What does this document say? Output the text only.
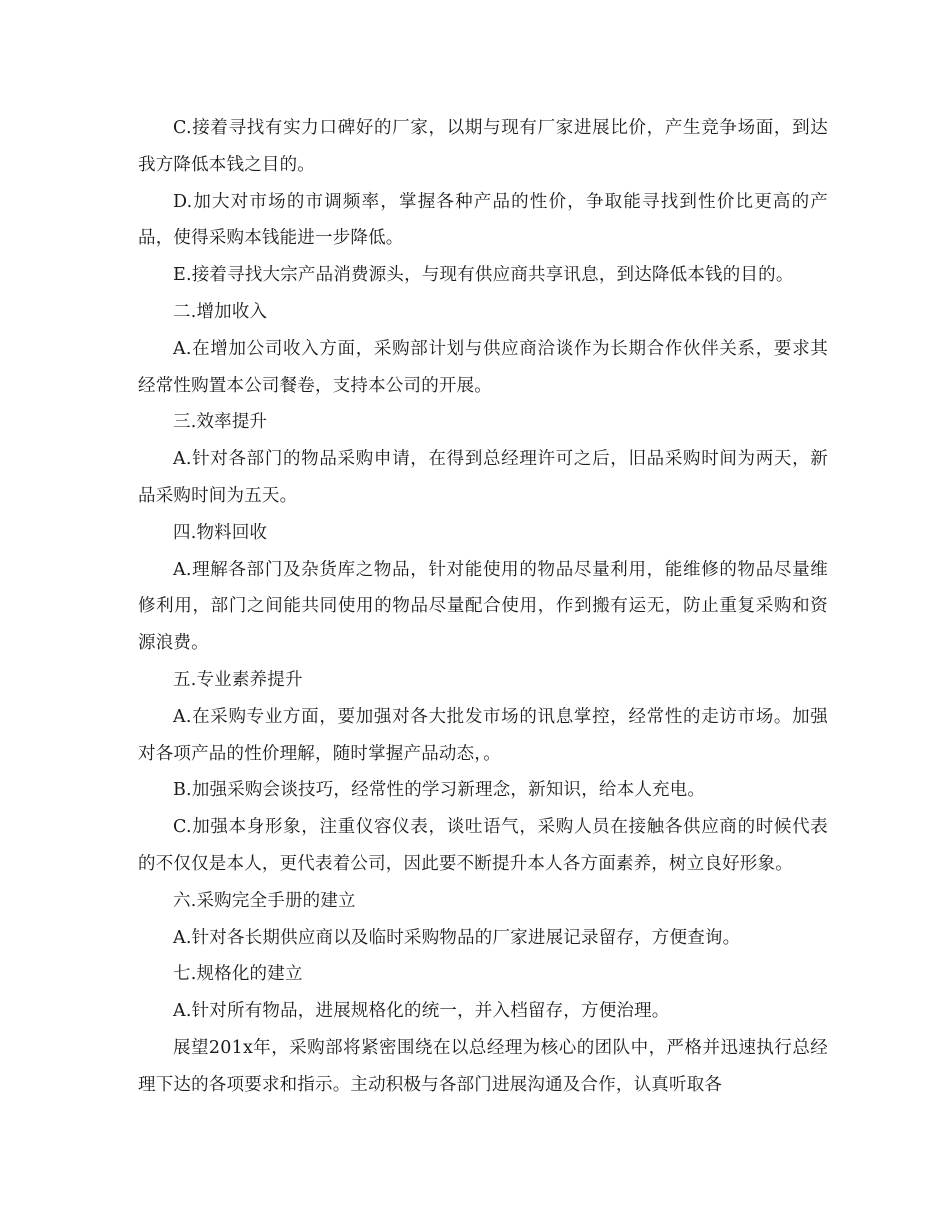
C.接着寻找有实力口碑好的厂家，以期与现有厂家进展比价，产生竞争场面，到达我方降低本钱之目的。

D.加大对市场的市调频率，掌握各种产品的性价，争取能寻找到性价比更高的产品，使得采购本钱能进一步降低。

E.接着寻找大宗产品消费源头，与现有供应商共享讯息，到达降低本钱的目的。

二.增加收入

A.在增加公司收入方面，采购部计划与供应商洽谈作为长期合作伙伴关系，要求其经常性购置本公司餐卷，支持本公司的开展。

三.效率提升

A.针对各部门的物品采购申请，在得到总经理许可之后，旧品采购时间为两天，新品采购时间为五天。

四.物料回收

A.理解各部门及杂货库之物品，针对能使用的物品尽量利用，能维修的物品尽量维修利用，部门之间能共同使用的物品尽量配合使用，作到搬有运无，防止重复采购和资源浪费。

五.专业素养提升

A.在采购专业方面，要加强对各大批发市场的讯息掌控，经常性的走访市场。加强对各项产品的性价理解，随时掌握产品动态，。

B.加强采购会谈技巧，经常性的学习新理念，新知识，给本人充电。

C.加强本身形象，注重仪容仪表，谈吐语气，采购人员在接触各供应商的时候代表的不仅仅是本人，更代表着公司，因此要不断提升本人各方面素养，树立良好形象。

六.采购完全手册的建立

A.针对各长期供应商以及临时采购物品的厂家进展记录留存，方便查询。

七.规格化的建立

A.针对所有物品，进展规格化的统一，并入档留存，方便治理。

展望201x年，采购部将紧密围绕在以总经理为核心的团队中，严格并迅速执行总经理下达的各项要求和指示。主动积极与各部门进展沟通及合作，认真听取各
